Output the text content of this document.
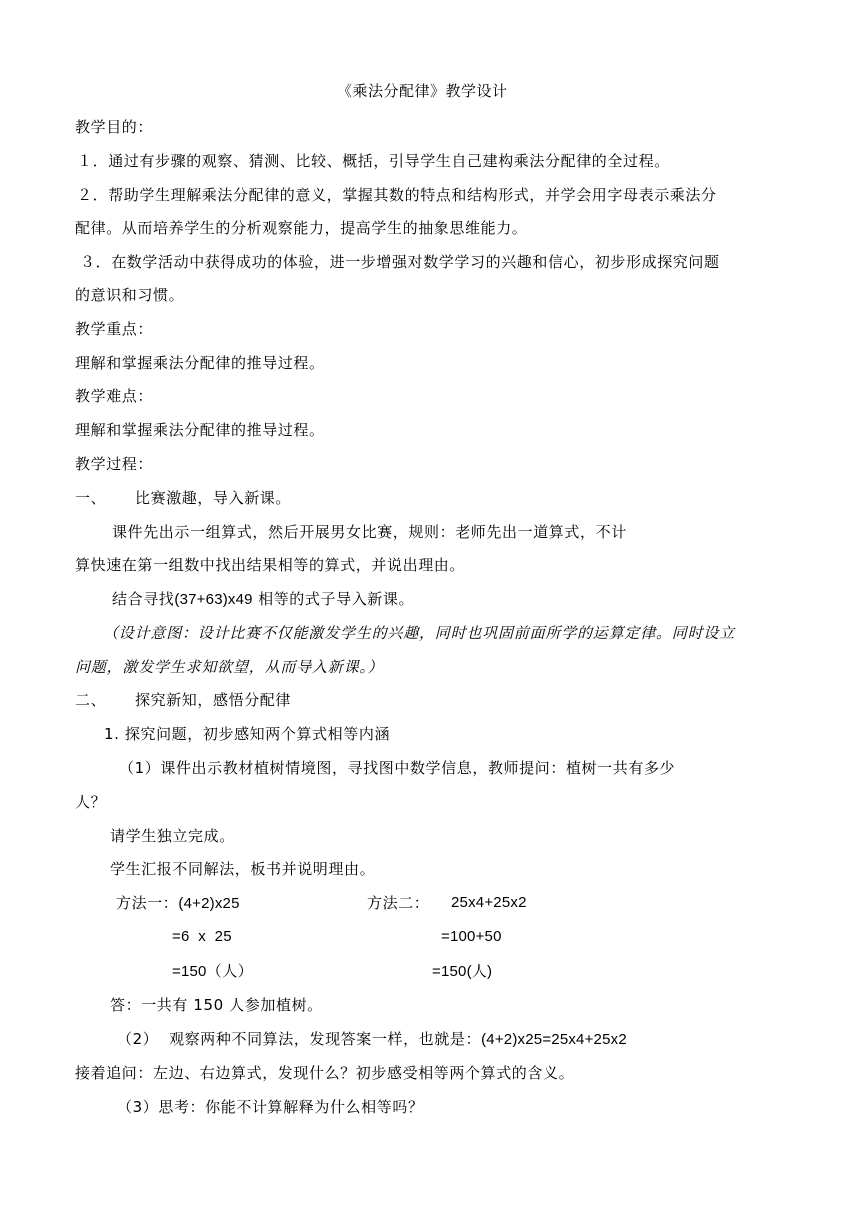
《乘法分配律》教学设计
教学目的：
１．通过有步骤的观察、猜测、比较、概括，引导学生自己建构乘法分配律的全过程。
２．帮助学生理解乘法分配律的意义，掌握其数的特点和结构形式，并学会用字母表示乘法分
配律。从而培养学生的分析观察能力，提高学生的抽象思维能力。
３．在数学活动中获得成功的体验，进一步增强对数学学习的兴趣和信心，初步形成探究问题
的意识和习惯。
教学重点：
理解和掌握乘法分配律的推导过程。
教学难点：
理解和掌握乘法分配律的推导过程。
教学过程：
一、 比赛激趣，导入新课。
课件先出示一组算式，然后开展男女比赛，规则：老师先出一道算式，不计
算快速在第一组数中找出结果相等的算式，并说出理由。
结合寻找(37+63)x49 相等的式子导入新课。
（设计意图：设计比赛不仅能激发学生的兴趣，同时也巩固前面所学的运算定律。同时设立
问题，激发学生求知欲望，从而导入新课。）
二、 探究新知，感悟分配律
1. 探究问题，初步感知两个算式相等内涵
（1）课件出示教材植树情境图，寻找图中数学信息，教师提问：植树一共有多少
人？
请学生独立完成。
学生汇报不同解法，板书并说明理由。
方法一：(4+2)x25	方法二： 25x4+25x2
=6  x  25	=100+50
=150（人）	=150(人)
答：一共有 150 人参加植树。
（2）  观察两种不同算法，发现答案一样，也就是：(4+2)x25=25x4+25x2
接着追问：左边、右边算式，发现什么？初步感受相等两个算式的含义。
（3）思考：你能不计算解释为什么相等吗？
